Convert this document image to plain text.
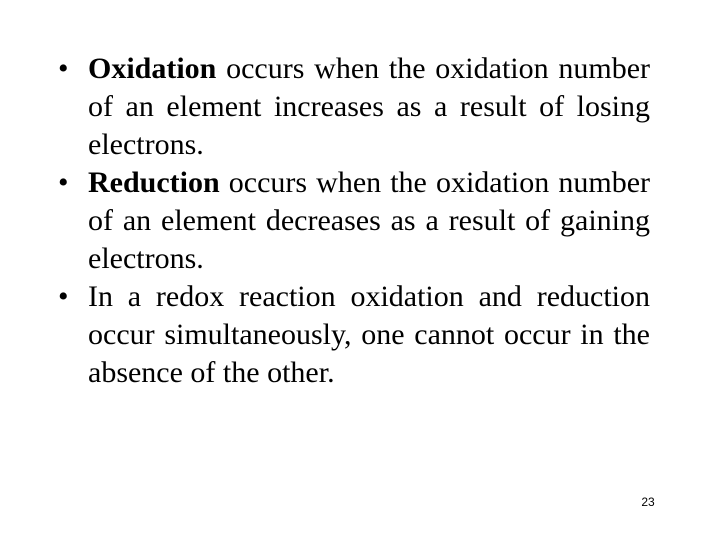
• Oxidation occurs when the oxidation number of an element increases as a result of losing electrons.
• Reduction occurs when the oxidation number of an element decreases as a result of gaining electrons.
• In a redox reaction oxidation and reduction occur simultaneously, one cannot occur in the absence of the other.
23
